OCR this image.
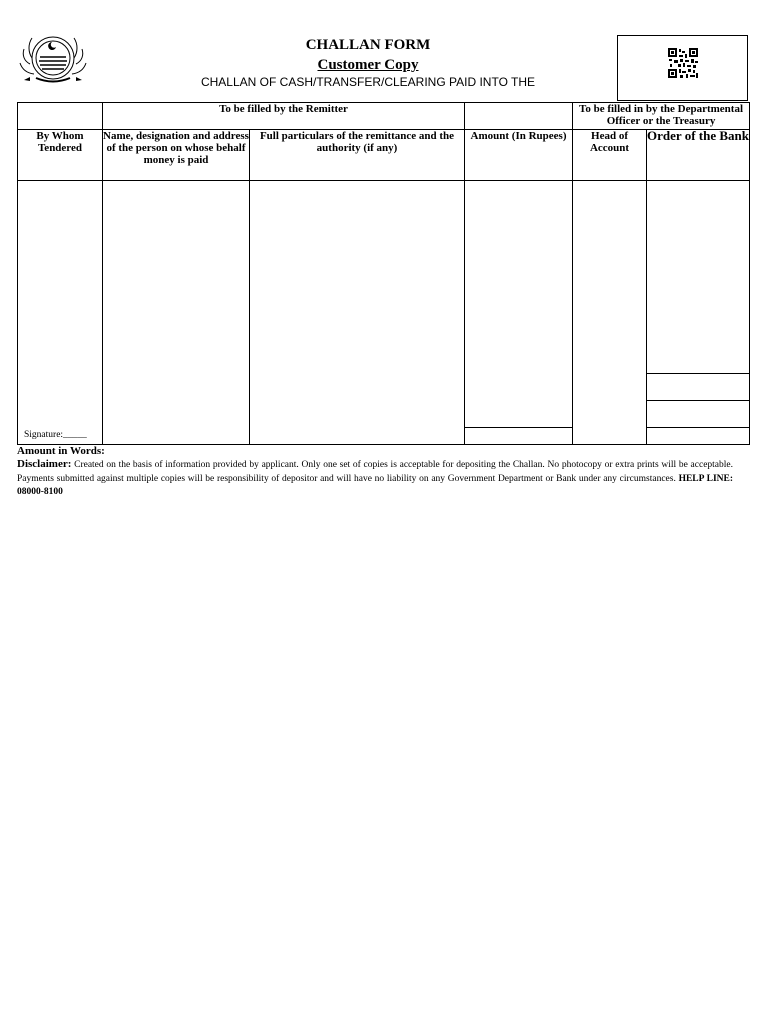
CHALLAN FORM
Customer Copy
CHALLAN OF CASH/TRANSFER/CLEARING PAID INTO THE
	To be filled by the Remitter			To be filled in by the Departmental Officer or the Treasury	
By Whom Tendered	Name, designation and address of the person on whose behalf money is paid	Full particulars of the remittance and the authority (if any)	Amount (In Rupees)	Head of Account	Order of the Bank

Signature:_____					

Amount in Words:
Disclaimer: Created on the basis of information provided by applicant. Only one set of copies is acceptable for depositing the Challan. No photocopy or extra prints will be acceptable. Payments submitted against multiple copies will be responsibility of depositor and will have no liability on any Government Department or Bank under any circumstances. HELP LINE: 08000-8100
